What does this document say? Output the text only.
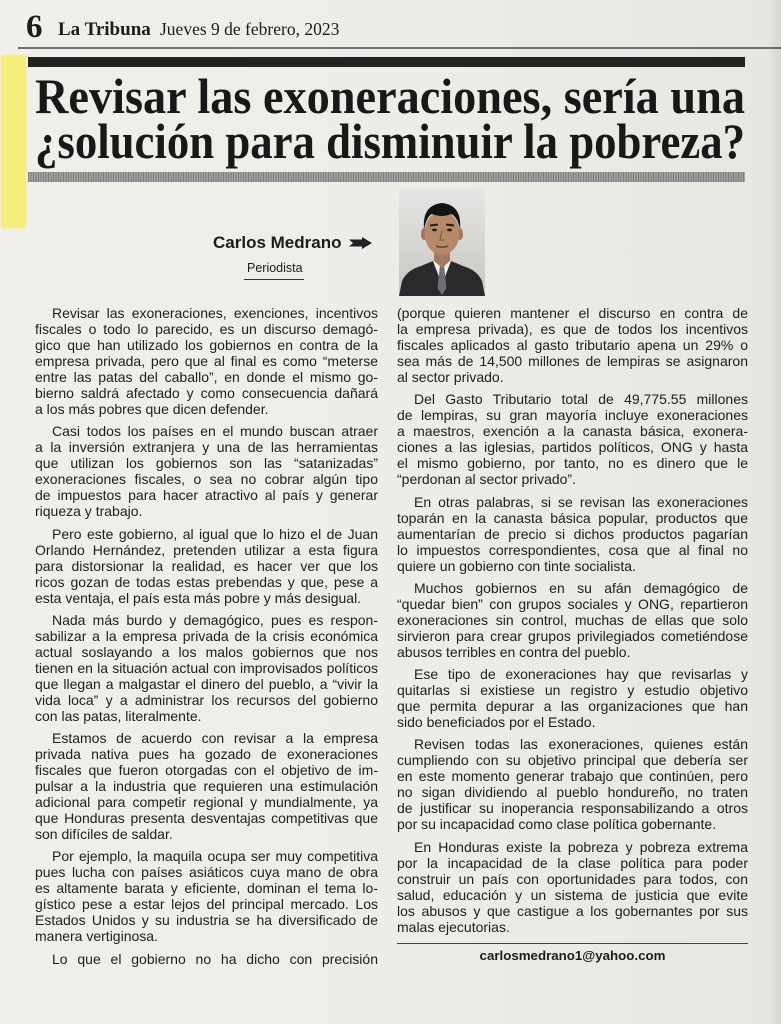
6 La Tribuna Jueves 9 de febrero, 2023
Revisar las exoneraciones, sería una
¿solución para disminuir la pobreza?
Carlos Medrano
Periodista
Revisar las exoneraciones, exenciones, incentivos
fiscales o todo lo parecido, es un discurso demagó-
gico que han utilizado los gobiernos en contra de la
empresa privada, pero que al final es como “meterse
entre las patas del caballo”, en donde el mismo go-
bierno saldrá afectado y como consecuencia dañará
a los más pobres que dicen defender.
Casi todos los países en el mundo buscan atraer
a la inversión extranjera y una de las herramientas
que utilizan los gobiernos son las “satanizadas”
exoneraciones fiscales, o sea no cobrar algún tipo
de impuestos para hacer atractivo al país y generar
riqueza y trabajo.
Pero este gobierno, al igual que lo hizo el de Juan
Orlando Hernández, pretenden utilizar a esta figura
para distorsionar la realidad, es hacer ver que los
ricos gozan de todas estas prebendas y que, pese a
esta ventaja, el país esta más pobre y más desigual.
Nada más burdo y demagógico, pues es respon-
sabilizar a la empresa privada de la crisis económica
actual soslayando a los malos gobiernos que nos
tienen en la situación actual con improvisados políticos
que llegan a malgastar el dinero del pueblo, a “vivir la
vida loca” y a administrar los recursos del gobierno
con las patas, literalmente.
Estamos de acuerdo con revisar a la empresa
privada nativa pues ha gozado de exoneraciones
fiscales que fueron otorgadas con el objetivo de im-
pulsar a la industria que requieren una estimulación
adicional para competir regional y mundialmente, ya
que Honduras presenta desventajas competitivas que
son difíciles de saldar.
Por ejemplo, la maquila ocupa ser muy competitiva
pues lucha con países asiáticos cuya mano de obra
es altamente barata y eficiente, dominan el tema lo-
gístico pese a estar lejos del principal mercado. Los
Estados Unidos y su industria se ha diversificado de
manera vertiginosa.
Lo que el gobierno no ha dicho con precisión
(porque quieren mantener el discurso en contra de
la empresa privada), es que de todos los incentivos
fiscales aplicados al gasto tributario apena un 29% o
sea más de 14,500 millones de lempiras se asignaron
al sector privado.
Del Gasto Tributario total de 49,775.55 millones
de lempiras, su gran mayoría incluye exoneraciones
a maestros, exención a la canasta básica, exonera-
ciones a las iglesias, partidos políticos, ONG y hasta
el mismo gobierno, por tanto, no es dinero que le
“perdonan al sector privado”.
En otras palabras, si se revisan las exoneraciones
toparán en la canasta básica popular, productos que
aumentarían de precio si dichos productos pagarían
lo impuestos correspondientes, cosa que al final no
quiere un gobierno con tinte socialista.
Muchos gobiernos en su afán demagógico de
“quedar bien” con grupos sociales y ONG, repartieron
exoneraciones sin control, muchas de ellas que solo
sirvieron para crear grupos privilegiados cometiéndose
abusos terribles en contra del pueblo.
Ese tipo de exoneraciones hay que revisarlas y
quitarlas si existiese un registro y estudio objetivo
que permita depurar a las organizaciones que han
sido beneficiados por el Estado.
Revisen todas las exoneraciones, quienes están
cumpliendo con su objetivo principal que debería ser
en este momento generar trabajo que continúen, pero
no sigan dividiendo al pueblo hondureño, no traten
de justificar su inoperancia responsabilizando a otros
por su incapacidad como clase política gobernante.
En Honduras existe la pobreza y pobreza extrema
por la incapacidad de la clase política para poder
construir un país con oportunidades para todos, con
salud, educación y un sistema de justicia que evite
los abusos y que castigue a los gobernantes por sus
malas ejecutorias.
carlosmedrano1@yahoo.com
